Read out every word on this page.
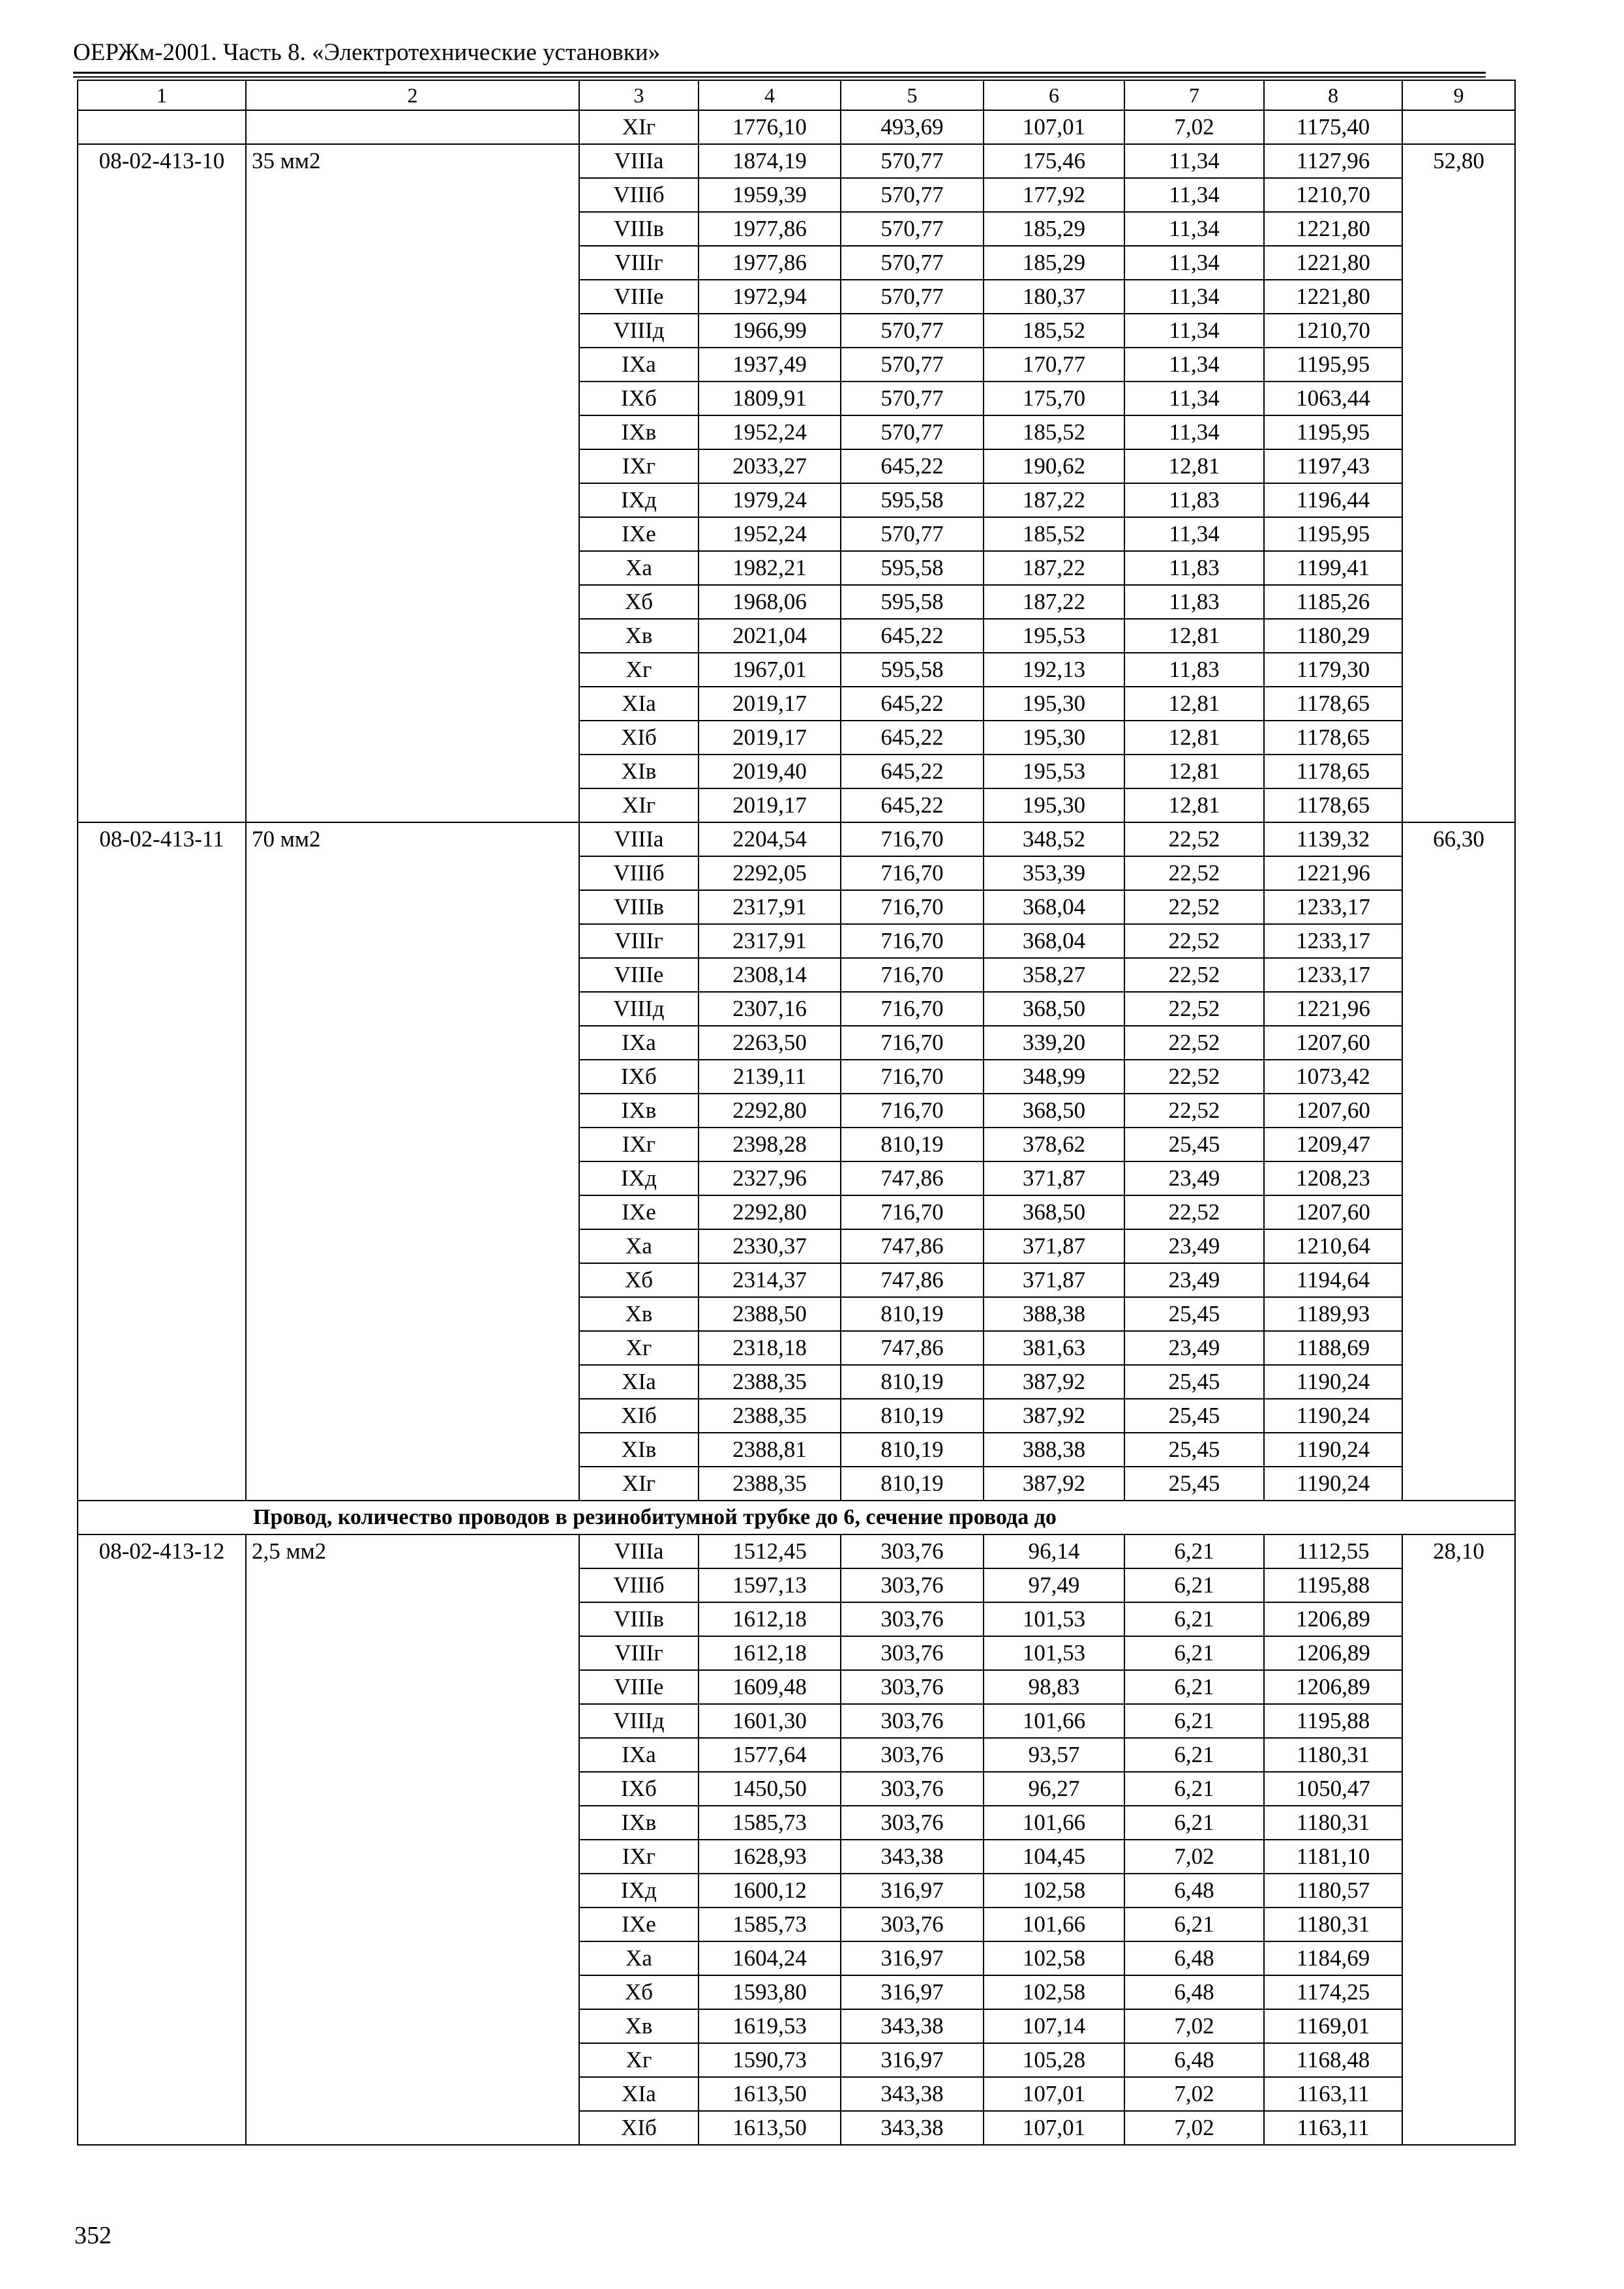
ОЕРЖм-2001. Часть 8. «Электротехнические установки»
1	2	3	4	5	6	7	8	9
		XIг	1776,10	493,69	107,01	7,02	1175,40	
08-02-413-10	35 мм2	VIIIа	1874,19	570,77	175,46	11,34	1127,96	52,80
		VIIIб	1959,39	570,77	177,92	11,34	1210,70	
		VIIIв	1977,86	570,77	185,29	11,34	1221,80	
		VIIIг	1977,86	570,77	185,29	11,34	1221,80	
		VIIIе	1972,94	570,77	180,37	11,34	1221,80	
		VIIIд	1966,99	570,77	185,52	11,34	1210,70	
		IXа	1937,49	570,77	170,77	11,34	1195,95	
		IXб	1809,91	570,77	175,70	11,34	1063,44	
		IXв	1952,24	570,77	185,52	11,34	1195,95	
		IXг	2033,27	645,22	190,62	12,81	1197,43	
		IXд	1979,24	595,58	187,22	11,83	1196,44	
		IXе	1952,24	570,77	185,52	11,34	1195,95	
		Xа	1982,21	595,58	187,22	11,83	1199,41	
		Xб	1968,06	595,58	187,22	11,83	1185,26	
		Xв	2021,04	645,22	195,53	12,81	1180,29	
		Xг	1967,01	595,58	192,13	11,83	1179,30	
		XIа	2019,17	645,22	195,30	12,81	1178,65	
		XIб	2019,17	645,22	195,30	12,81	1178,65	
		XIв	2019,40	645,22	195,53	12,81	1178,65	
		XIг	2019,17	645,22	195,30	12,81	1178,65	
08-02-413-11	70 мм2	VIIIа	2204,54	716,70	348,52	22,52	1139,32	66,30
		VIIIб	2292,05	716,70	353,39	22,52	1221,96	
		VIIIв	2317,91	716,70	368,04	22,52	1233,17	
		VIIIг	2317,91	716,70	368,04	22,52	1233,17	
		VIIIе	2308,14	716,70	358,27	22,52	1233,17	
		VIIIд	2307,16	716,70	368,50	22,52	1221,96	
		IXа	2263,50	716,70	339,20	22,52	1207,60	
		IXб	2139,11	716,70	348,99	22,52	1073,42	
		IXв	2292,80	716,70	368,50	22,52	1207,60	
		IXг	2398,28	810,19	378,62	25,45	1209,47	
		IXд	2327,96	747,86	371,87	23,49	1208,23	
		IXе	2292,80	716,70	368,50	22,52	1207,60	
		Xа	2330,37	747,86	371,87	23,49	1210,64	
		Xб	2314,37	747,86	371,87	23,49	1194,64	
		Xв	2388,50	810,19	388,38	25,45	1189,93	
		Xг	2318,18	747,86	381,63	23,49	1188,69	
		XIа	2388,35	810,19	387,92	25,45	1190,24	
		XIб	2388,35	810,19	387,92	25,45	1190,24	
		XIв	2388,81	810,19	388,38	25,45	1190,24	
		XIг	2388,35	810,19	387,92	25,45	1190,24	
Провод, количество проводов в резинобитумной трубке до 6, сечение провода до								
08-02-413-12	2,5 мм2	VIIIа	1512,45	303,76	96,14	6,21	1112,55	28,10
		VIIIб	1597,13	303,76	97,49	6,21	1195,88	
		VIIIв	1612,18	303,76	101,53	6,21	1206,89	
		VIIIг	1612,18	303,76	101,53	6,21	1206,89	
		VIIIе	1609,48	303,76	98,83	6,21	1206,89	
		VIIIд	1601,30	303,76	101,66	6,21	1195,88	
		IXа	1577,64	303,76	93,57	6,21	1180,31	
		IXб	1450,50	303,76	96,27	6,21	1050,47	
		IXв	1585,73	303,76	101,66	6,21	1180,31	
		IXг	1628,93	343,38	104,45	7,02	1181,10	
		IXд	1600,12	316,97	102,58	6,48	1180,57	
		IXе	1585,73	303,76	101,66	6,21	1180,31	
		Xа	1604,24	316,97	102,58	6,48	1184,69	
		Xб	1593,80	316,97	102,58	6,48	1174,25	
		Xв	1619,53	343,38	107,14	7,02	1169,01	
		Xг	1590,73	316,97	105,28	6,48	1168,48	
		XIа	1613,50	343,38	107,01	7,02	1163,11	
		XIб	1613,50	343,38	107,01	7,02	1163,11	
352
